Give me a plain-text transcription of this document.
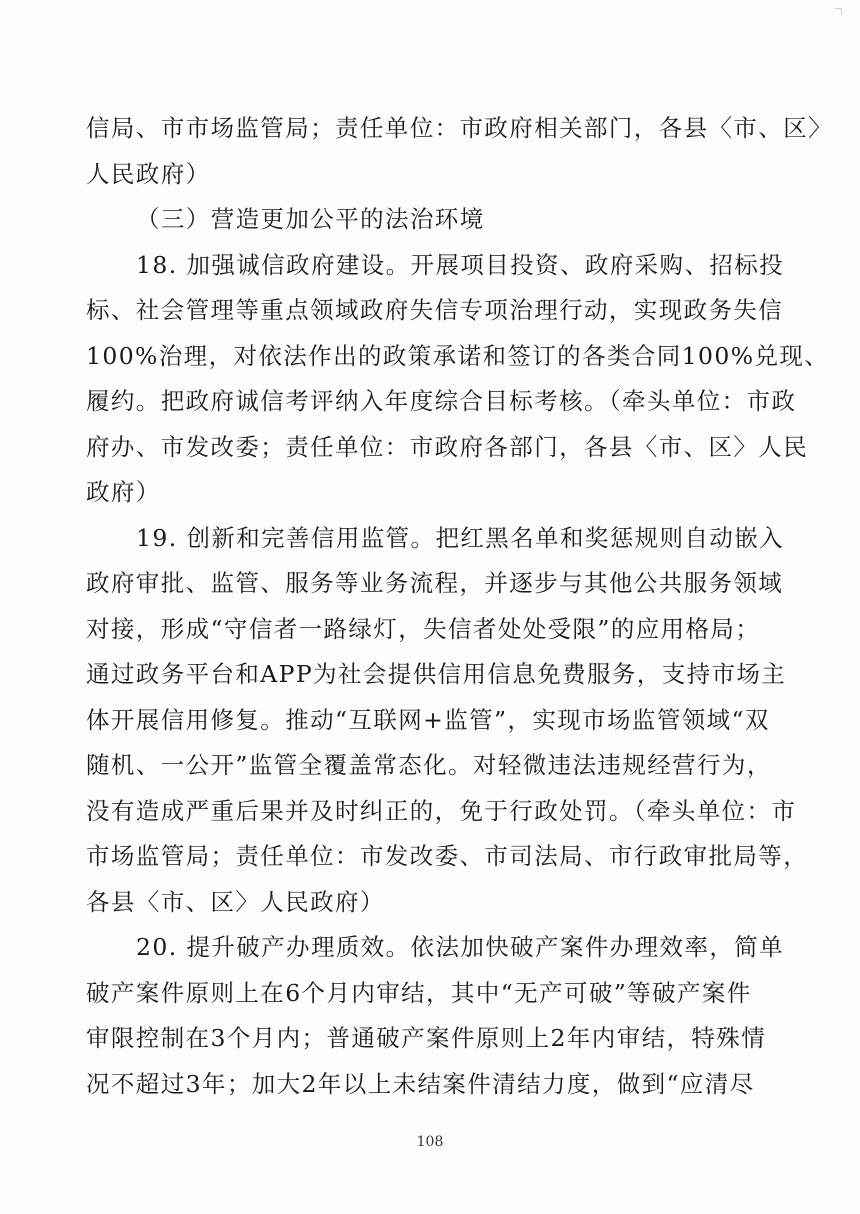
信局、市市场监管局；责任单位：市政府相关部门，各县〈市、区〉
人民政府）
（三）营造更加公平的法治环境
18. 加强诚信政府建设。开展项目投资、政府采购、招标投
标、社会管理等重点领域政府失信专项治理行动，实现政务失信
100%治理，对依法作出的政策承诺和签订的各类合同100%兑现、
履约。把政府诚信考评纳入年度综合目标考核。（牵头单位：市政
府办、市发改委；责任单位：市政府各部门，各县〈市、区〉人民
政府）
19. 创新和完善信用监管。把红黑名单和奖惩规则自动嵌入
政府审批、监管、服务等业务流程，并逐步与其他公共服务领域
对接，形成“守信者一路绿灯，失信者处处受限”的应用格局；
通过政务平台和APP为社会提供信用信息免费服务，支持市场主
体开展信用修复。推动“互联网+监管”，实现市场监管领域“双
随机、一公开”监管全覆盖常态化。对轻微违法违规经营行为，
没有造成严重后果并及时纠正的，免于行政处罚。（牵头单位：市
市场监管局；责任单位：市发改委、市司法局、市行政审批局等，
各县〈市、区〉人民政府）
20. 提升破产办理质效。依法加快破产案件办理效率，简单
破产案件原则上在6个月内审结，其中“无产可破”等破产案件
审限控制在3个月内；普通破产案件原则上2年内审结，特殊情
况不超过3年；加大2年以上未结案件清结力度，做到“应清尽
108
